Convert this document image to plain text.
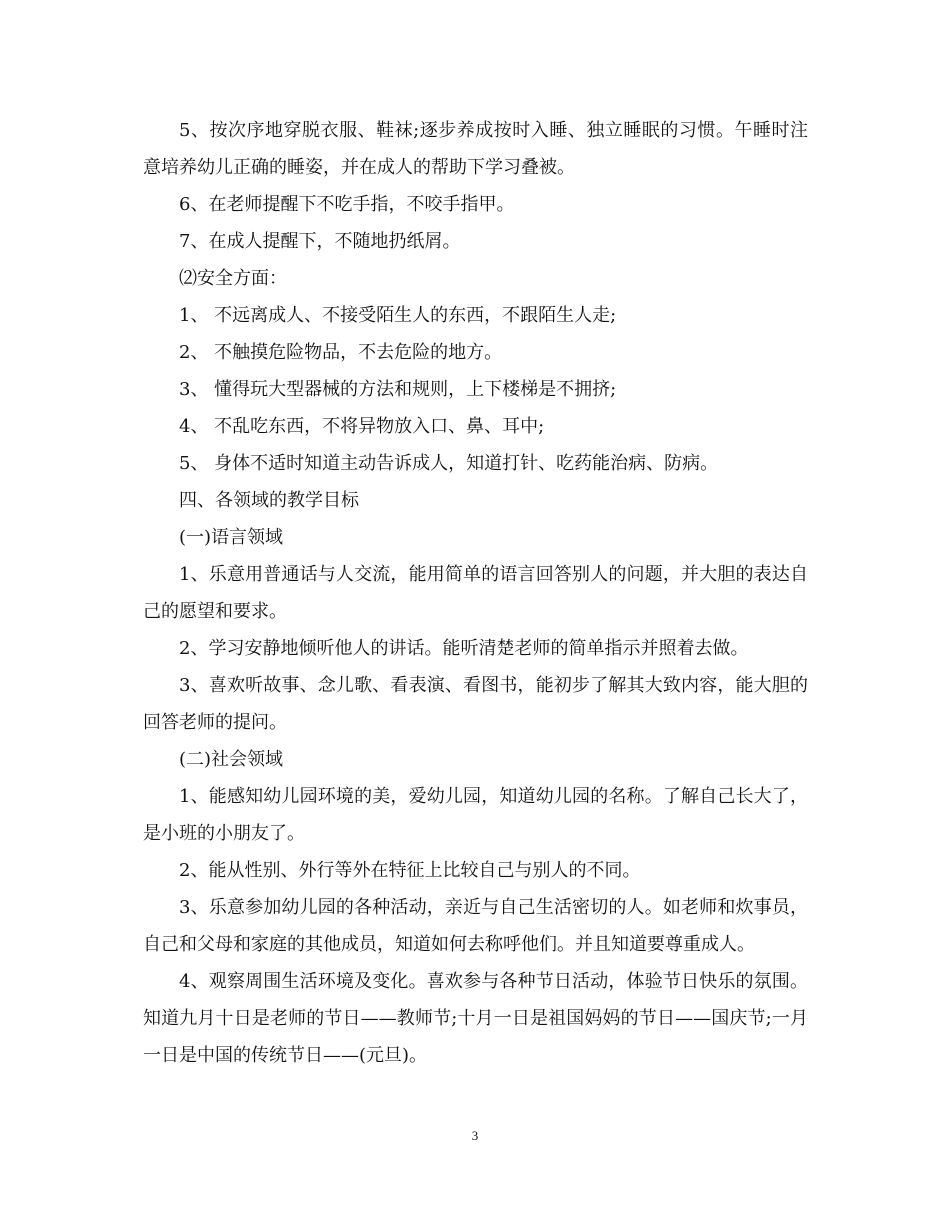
5、按次序地穿脱衣服、鞋袜;逐步养成按时入睡、独立睡眠的习惯。午睡时注意培养幼儿正确的睡姿，并在成人的帮助下学习叠被。

6、在老师提醒下不吃手指，不咬手指甲。

7、在成人提醒下，不随地扔纸屑。

⑵安全方面：

1、 不远离成人、不接受陌生人的东西，不跟陌生人走;

2、 不触摸危险物品，不去危险的地方。

3、 懂得玩大型器械的方法和规则，上下楼梯是不拥挤;

4、 不乱吃东西，不将异物放入口、鼻、耳中;

5、 身体不适时知道主动告诉成人，知道打针、吃药能治病、防病。

四、各领域的教学目标

(一)语言领域

1、乐意用普通话与人交流，能用简单的语言回答别人的问题，并大胆的表达自己的愿望和要求。

2、学习安静地倾听他人的讲话。能听清楚老师的简单指示并照着去做。

3、喜欢听故事、念儿歌、看表演、看图书，能初步了解其大致内容，能大胆的回答老师的提问。

(二)社会领域

1、能感知幼儿园环境的美，爱幼儿园，知道幼儿园的名称。了解自己长大了，是小班的小朋友了。

2、能从性别、外行等外在特征上比较自己与别人的不同。

3、乐意参加幼儿园的各种活动，亲近与自己生活密切的人。如老师和炊事员，自己和父母和家庭的其他成员，知道如何去称呼他们。并且知道要尊重成人。

4、观察周围生活环境及变化。喜欢参与各种节日活动，体验节日快乐的氛围。知道九月十日是老师的节日——教师节;十月一日是祖国妈妈的节日——国庆节;一月一日是中国的传统节日——(元旦)。

3
